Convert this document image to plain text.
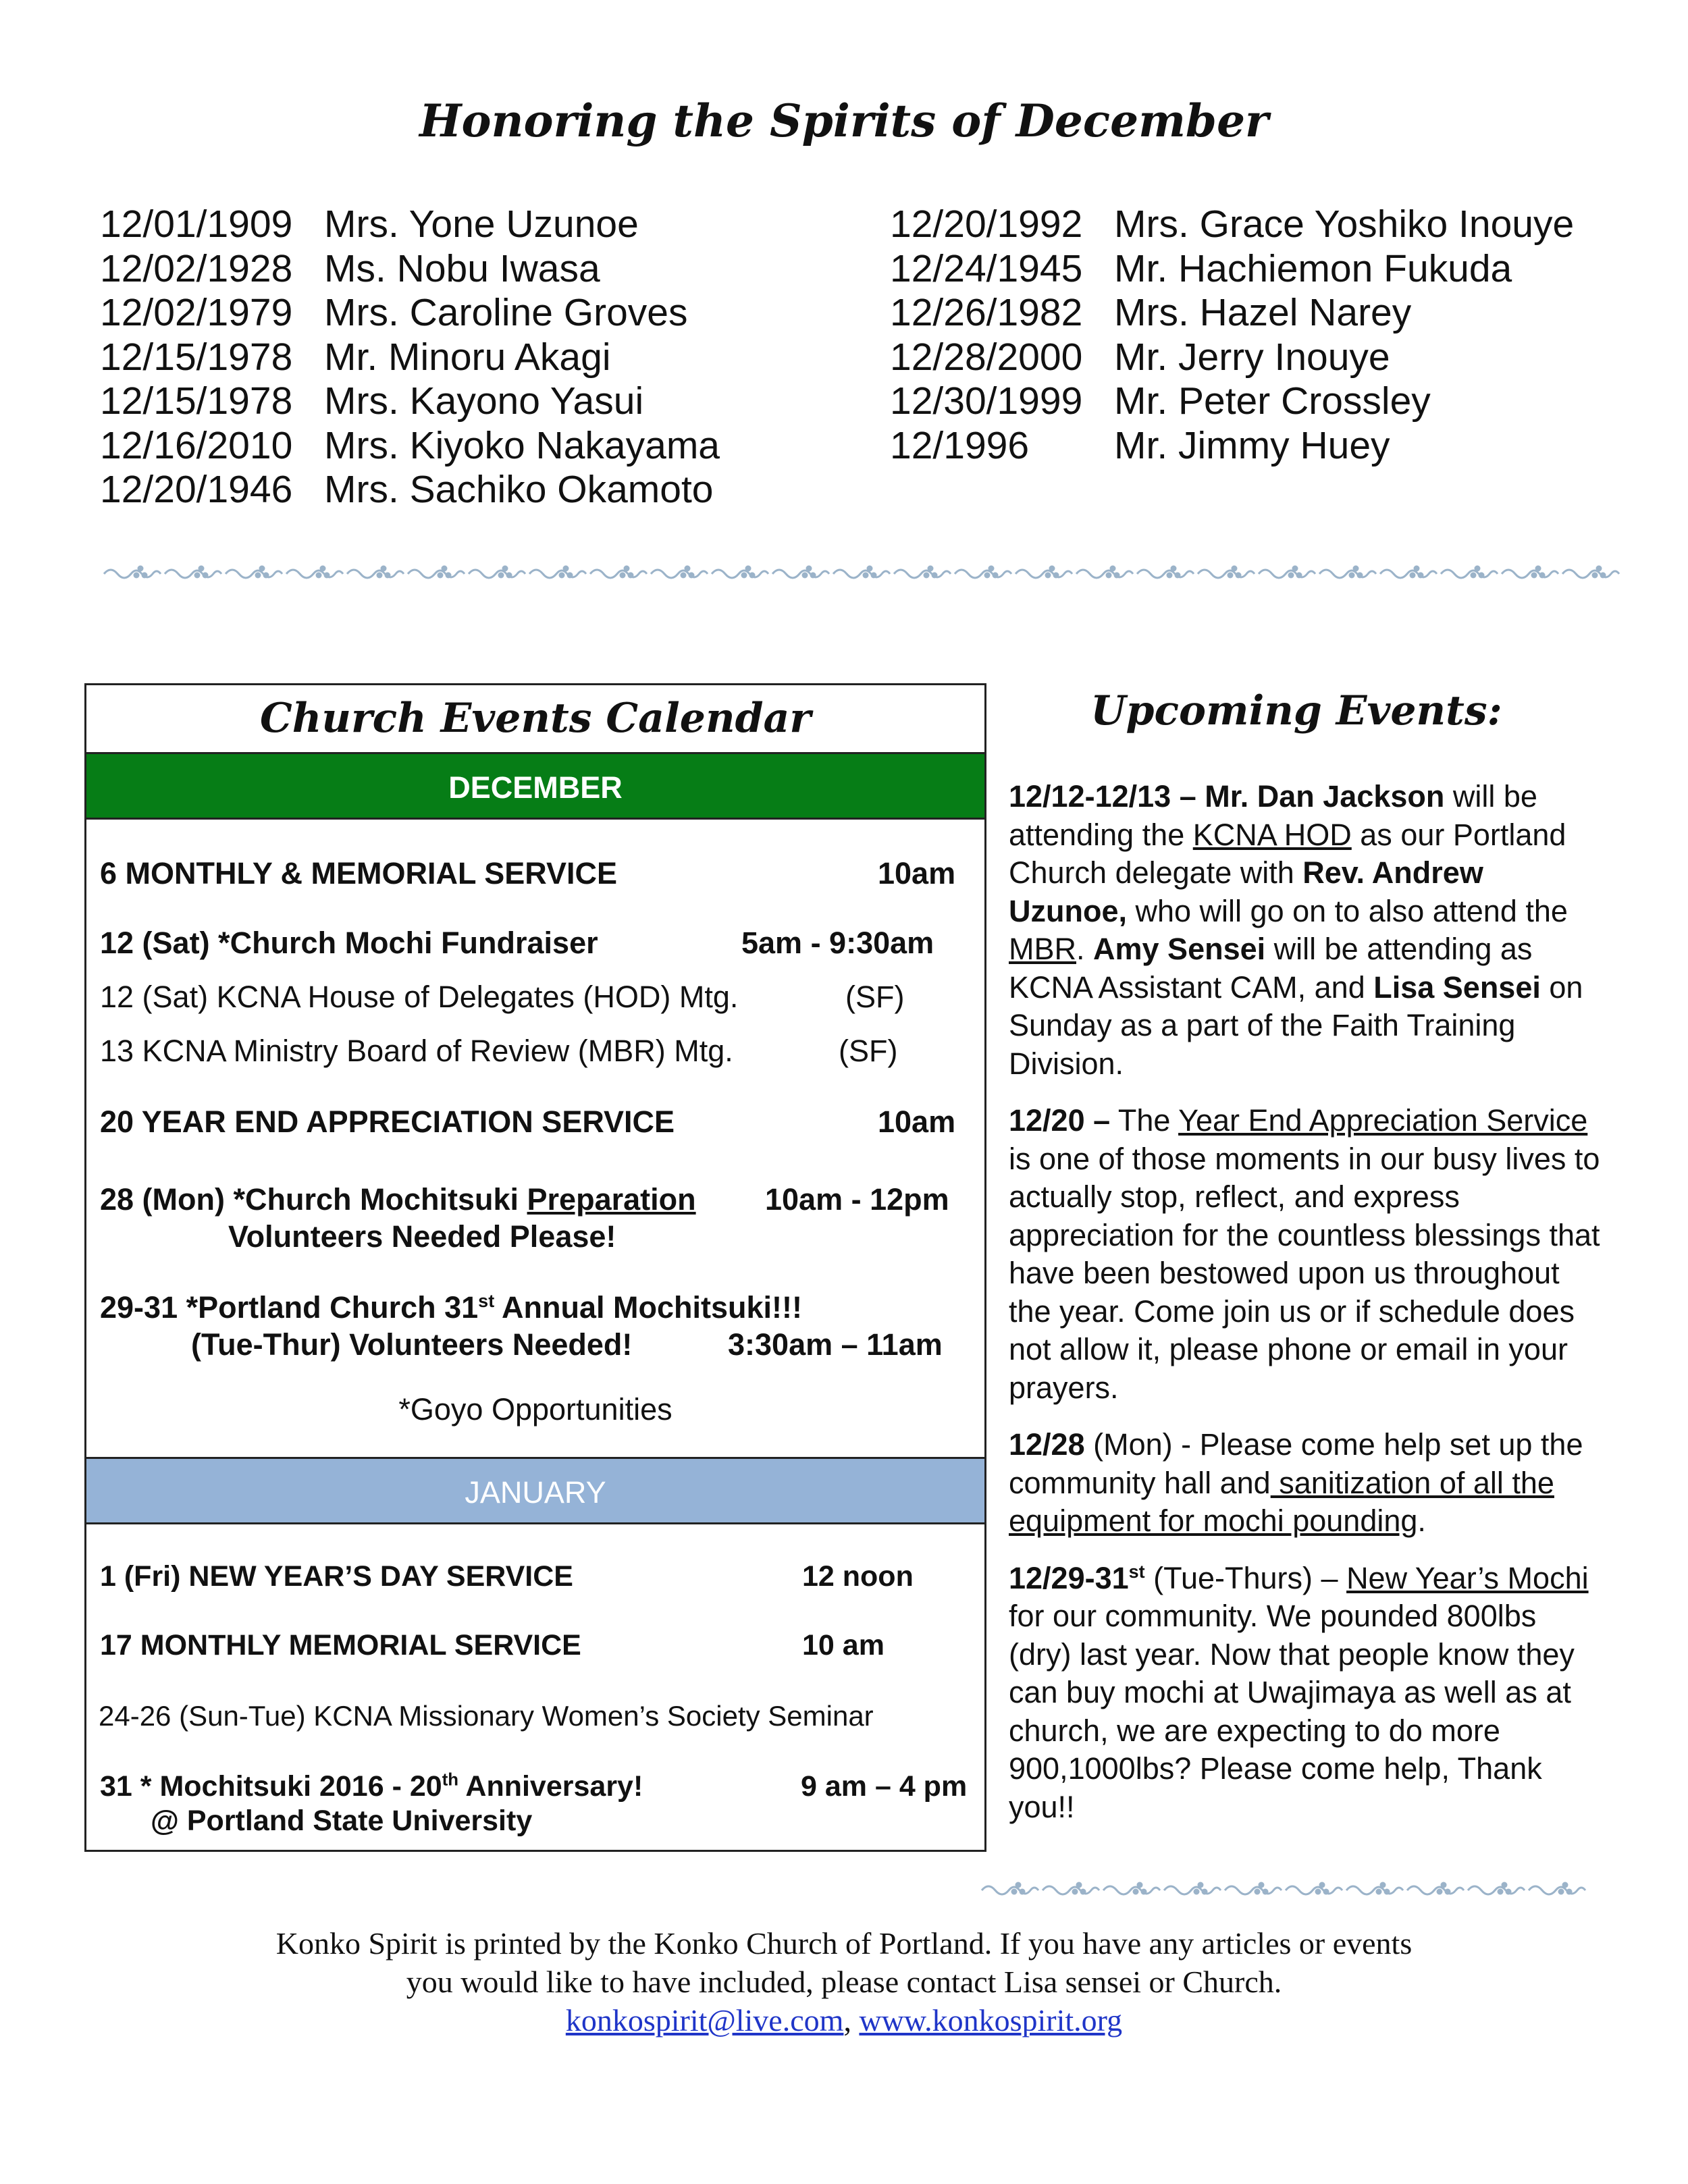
Honoring the Spirits of December
12/01/1909 Mrs. Yone Uzunoe
12/02/1928 Ms. Nobu Iwasa
12/02/1979 Mrs. Caroline Groves
12/15/1978 Mr. Minoru Akagi
12/15/1978 Mrs. Kayono Yasui
12/16/2010 Mrs. Kiyoko Nakayama
12/20/1946 Mrs. Sachiko Okamoto
12/20/1992 Mrs. Grace Yoshiko Inouye
12/24/1945 Mr. Hachiemon Fukuda
12/26/1982 Mrs. Hazel Narey
12/28/2000 Mr. Jerry Inouye
12/30/1999 Mr. Peter Crossley
12/1996	Mr. Jimmy Huey
Church Events Calendar
DECEMBER
6 MONTHLY & MEMORIAL SERVICE	10am
12 (Sat) *Church Mochi Fundraiser	5am - 9:30am
12 (Sat) KCNA House of Delegates (HOD) Mtg.	(SF)
13 KCNA Ministry Board of Review (MBR) Mtg.	(SF)
20 YEAR END APPRECIATION SERVICE	10am
28 (Mon) *Church Mochitsuki Preparation 10am - 12pm
Volunteers Needed Please!
29-31 *Portland Church 31st Annual Mochitsuki!!!
(Tue-Thur) Volunteers Needed!	3:30am – 11am
*Goyo Opportunities
JANUARY
1 (Fri) NEW YEAR’S DAY SERVICE	12 noon
17 MONTHLY MEMORIAL SERVICE	10 am
24-26 (Sun-Tue) KCNA Missionary Women’s Society Seminar
31 * Mochitsuki 2016 - 20th Anniversary!	9 am – 4 pm
@ Portland State University
Upcoming Events:

12/12-12/13 – Mr. Dan Jackson will be attending the KCNA HOD as our Portland Church delegate with Rev. Andrew Uzunoe, who will go on to also attend the MBR. Amy Sensei will be attending as KCNA Assistant CAM, and Lisa Sensei on Sunday as a part of the Faith Training Division.

12/20 – The Year End Appreciation Service is one of those moments in our busy lives to actually stop, reflect, and express appreciation for the countless blessings that have been bestowed upon us throughout the year. Come join us or if schedule does not allow it, please phone or email in your prayers.

12/28 (Mon) - Please come help set up the community hall and sanitization of all the equipment for mochi pounding.

12/29-31st (Tue-Thurs) – New Year’s Mochi for our community. We pounded 800lbs (dry) last year. Now that people know they can buy mochi at Uwajimaya as well as at church, we are expecting to do more 900,1000lbs? Please come help, Thank you!!

Konko Spirit is printed by the Konko Church of Portland. If you have any articles or events
you would like to have included, please contact Lisa sensei or Church.
konkospirit@live.com, www.konkospirit.org
